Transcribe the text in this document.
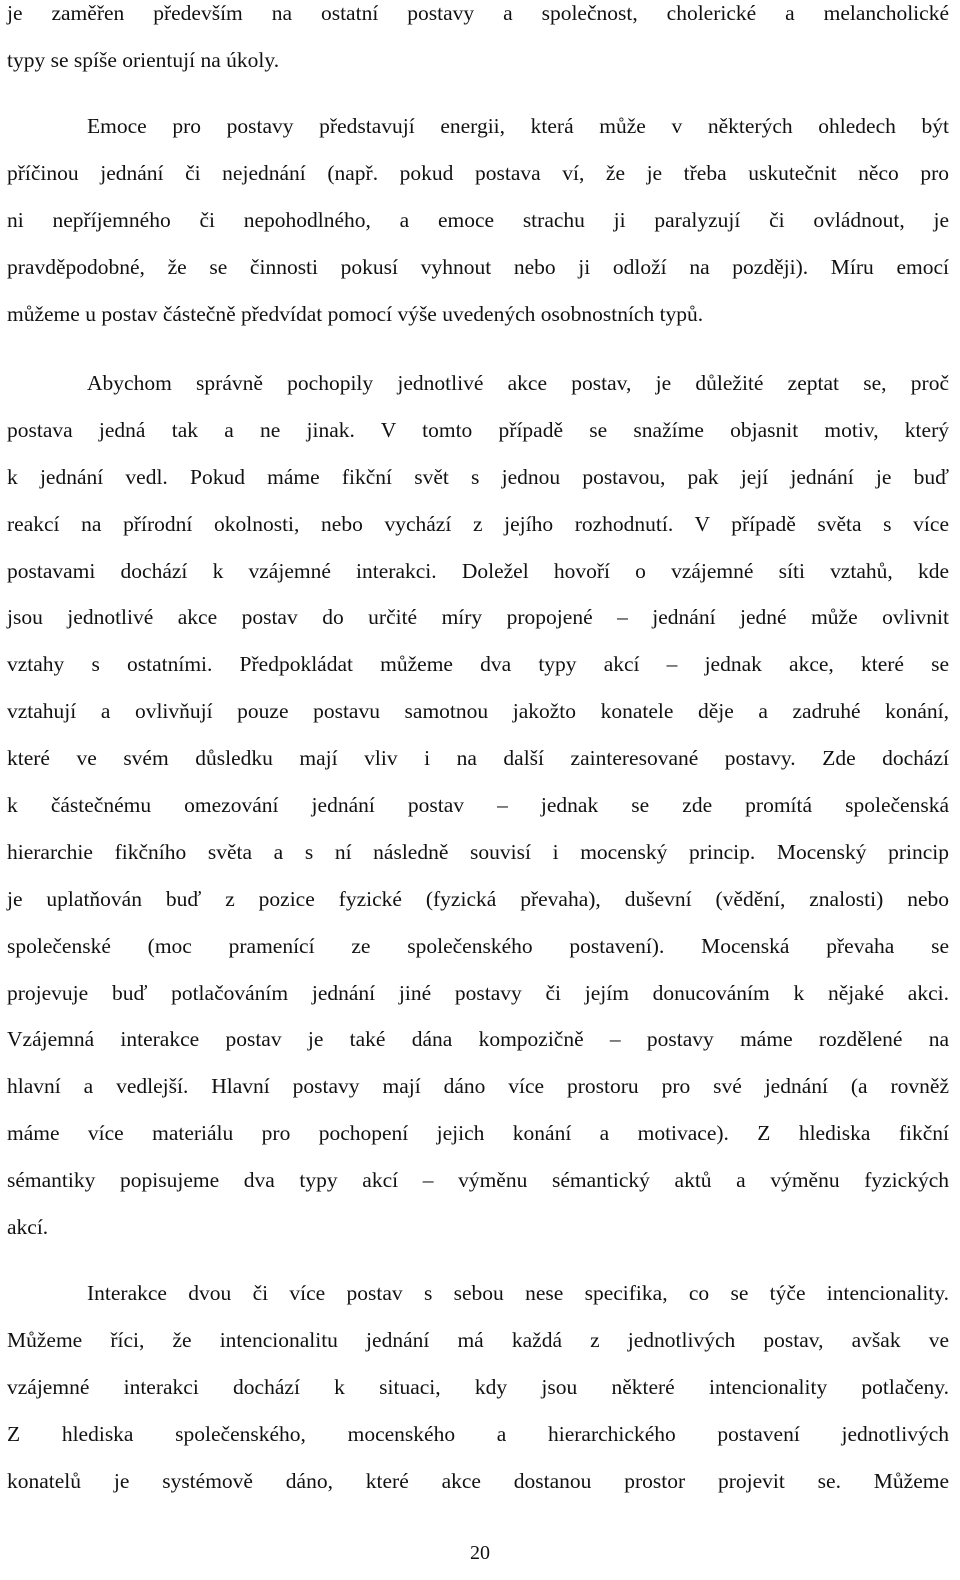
je zaměřen především na ostatní postavy a společnost, cholerické a melancholické
typy se spíše orientují na úkoly.
Emoce pro postavy představují energii, která může v některých ohledech být
příčinou jednání či nejednání (např. pokud postava ví, že je třeba uskutečnit něco pro
ni nepříjemného či nepohodlného, a emoce strachu ji paralyzují či ovládnout, je
pravděpodobné, že se činnosti pokusí vyhnout nebo ji odloží na později). Míru emocí
můžeme u postav částečně předvídat pomocí výše uvedených osobnostních typů.
Abychom správně pochopily jednotlivé akce postav, je důležité zeptat se, proč
postava jedná tak a ne jinak. V tomto případě se snažíme objasnit motiv, který
k jednání vedl. Pokud máme fikční svět s jednou postavou, pak její jednání je buď
reakcí na přírodní okolnosti, nebo vychází z jejího rozhodnutí. V případě světa s více
postavami dochází k vzájemné interakci. Doležel hovoří o vzájemné síti vztahů, kde
jsou jednotlivé akce postav do určité míry propojené – jednání jedné může ovlivnit
vztahy s ostatními. Předpokládat můžeme dva typy akcí – jednak akce, které se
vztahují a ovlivňují pouze postavu samotnou jakožto konatele děje a zadruhé konání,
které ve svém důsledku mají vliv i na další zainteresované postavy. Zde dochází
k částečnému omezování jednání postav – jednak se zde promítá společenská
hierarchie fikčního světa a s ní následně souvisí i mocenský princip. Mocenský princip
je uplatňován buď z pozice fyzické (fyzická převaha), duševní (vědění, znalosti) nebo
společenské (moc pramenící ze společenského postavení). Mocenská převaha se
projevuje buď potlačováním jednání jiné postavy či jejím donucováním k nějaké akci.
Vzájemná interakce postav je také dána kompozičně – postavy máme rozdělené na
hlavní a vedlejší. Hlavní postavy mají dáno více prostoru pro své jednání (a rovněž
máme více materiálu pro pochopení jejich konání a motivace). Z hlediska fikční
sémantiky popisujeme dva typy akcí – výměnu sémantický aktů a výměnu fyzických
akcí.
Interakce dvou či více postav s sebou nese specifika, co se týče intencionality.
Můžeme říci, že intencionalitu jednání má každá z jednotlivých postav, avšak ve
vzájemné interakci dochází k situaci, kdy jsou některé intencionality potlačeny.
Z hlediska společenského, mocenského a hierarchického postavení jednotlivých
konatelů je systémově dáno, které akce dostanou prostor projevit se. Můžeme
20
